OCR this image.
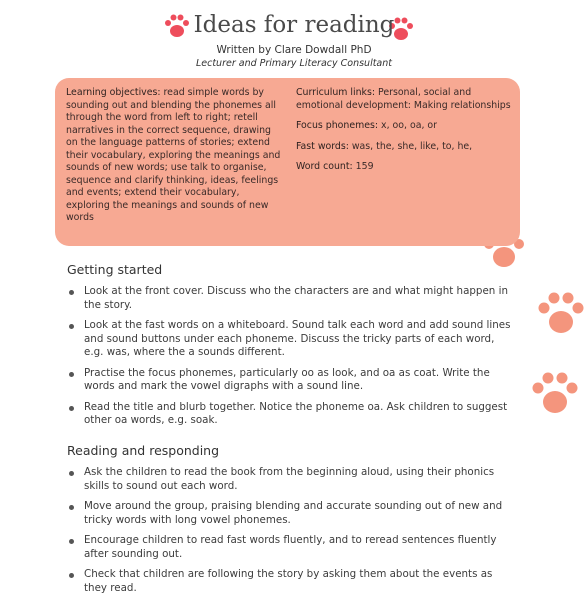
Ideas for reading
Written by Clare Dowdall PhD
Lecturer and Primary Literacy Consultant
Learning objectives: read simple words by sounding out and blending the phonemes all through the word from left to right; retell narratives in the correct sequence, drawing on the language patterns of stories; extend their vocabulary, exploring the meanings and sounds of new words; use talk to organise, sequence and clarify thinking, ideas, feelings and events; extend their vocabulary, exploring the meanings and sounds of new words

Curriculum links: Personal, social and emotional development: Making relationships

Focus phonemes: x, oo, oa, or

Fast words: was, the, she, like, to, he,

Word count: 159

Getting started
Look at the front cover. Discuss who the characters are and what might happen in the story.
Look at the fast words on a whiteboard. Sound talk each word and add sound lines and sound buttons under each phoneme. Discuss the tricky parts of each word, e.g. was, where the a sounds different.
Practise the focus phonemes, particularly oo as look, and oa as coat. Write the words and mark the vowel digraphs with a sound line.
Read the title and blurb together. Notice the phoneme oa. Ask children to suggest other oa words, e.g. soak.
Reading and responding
Ask the children to read the book from the beginning aloud, using their phonics skills to sound out each word.
Move around the group, praising blending and accurate sounding out of new and tricky words with long vowel phonemes.
Encourage children to read fast words fluently, and to reread sentences fluently after sounding out.
Check that children are following the story by asking them about the events as they read.
